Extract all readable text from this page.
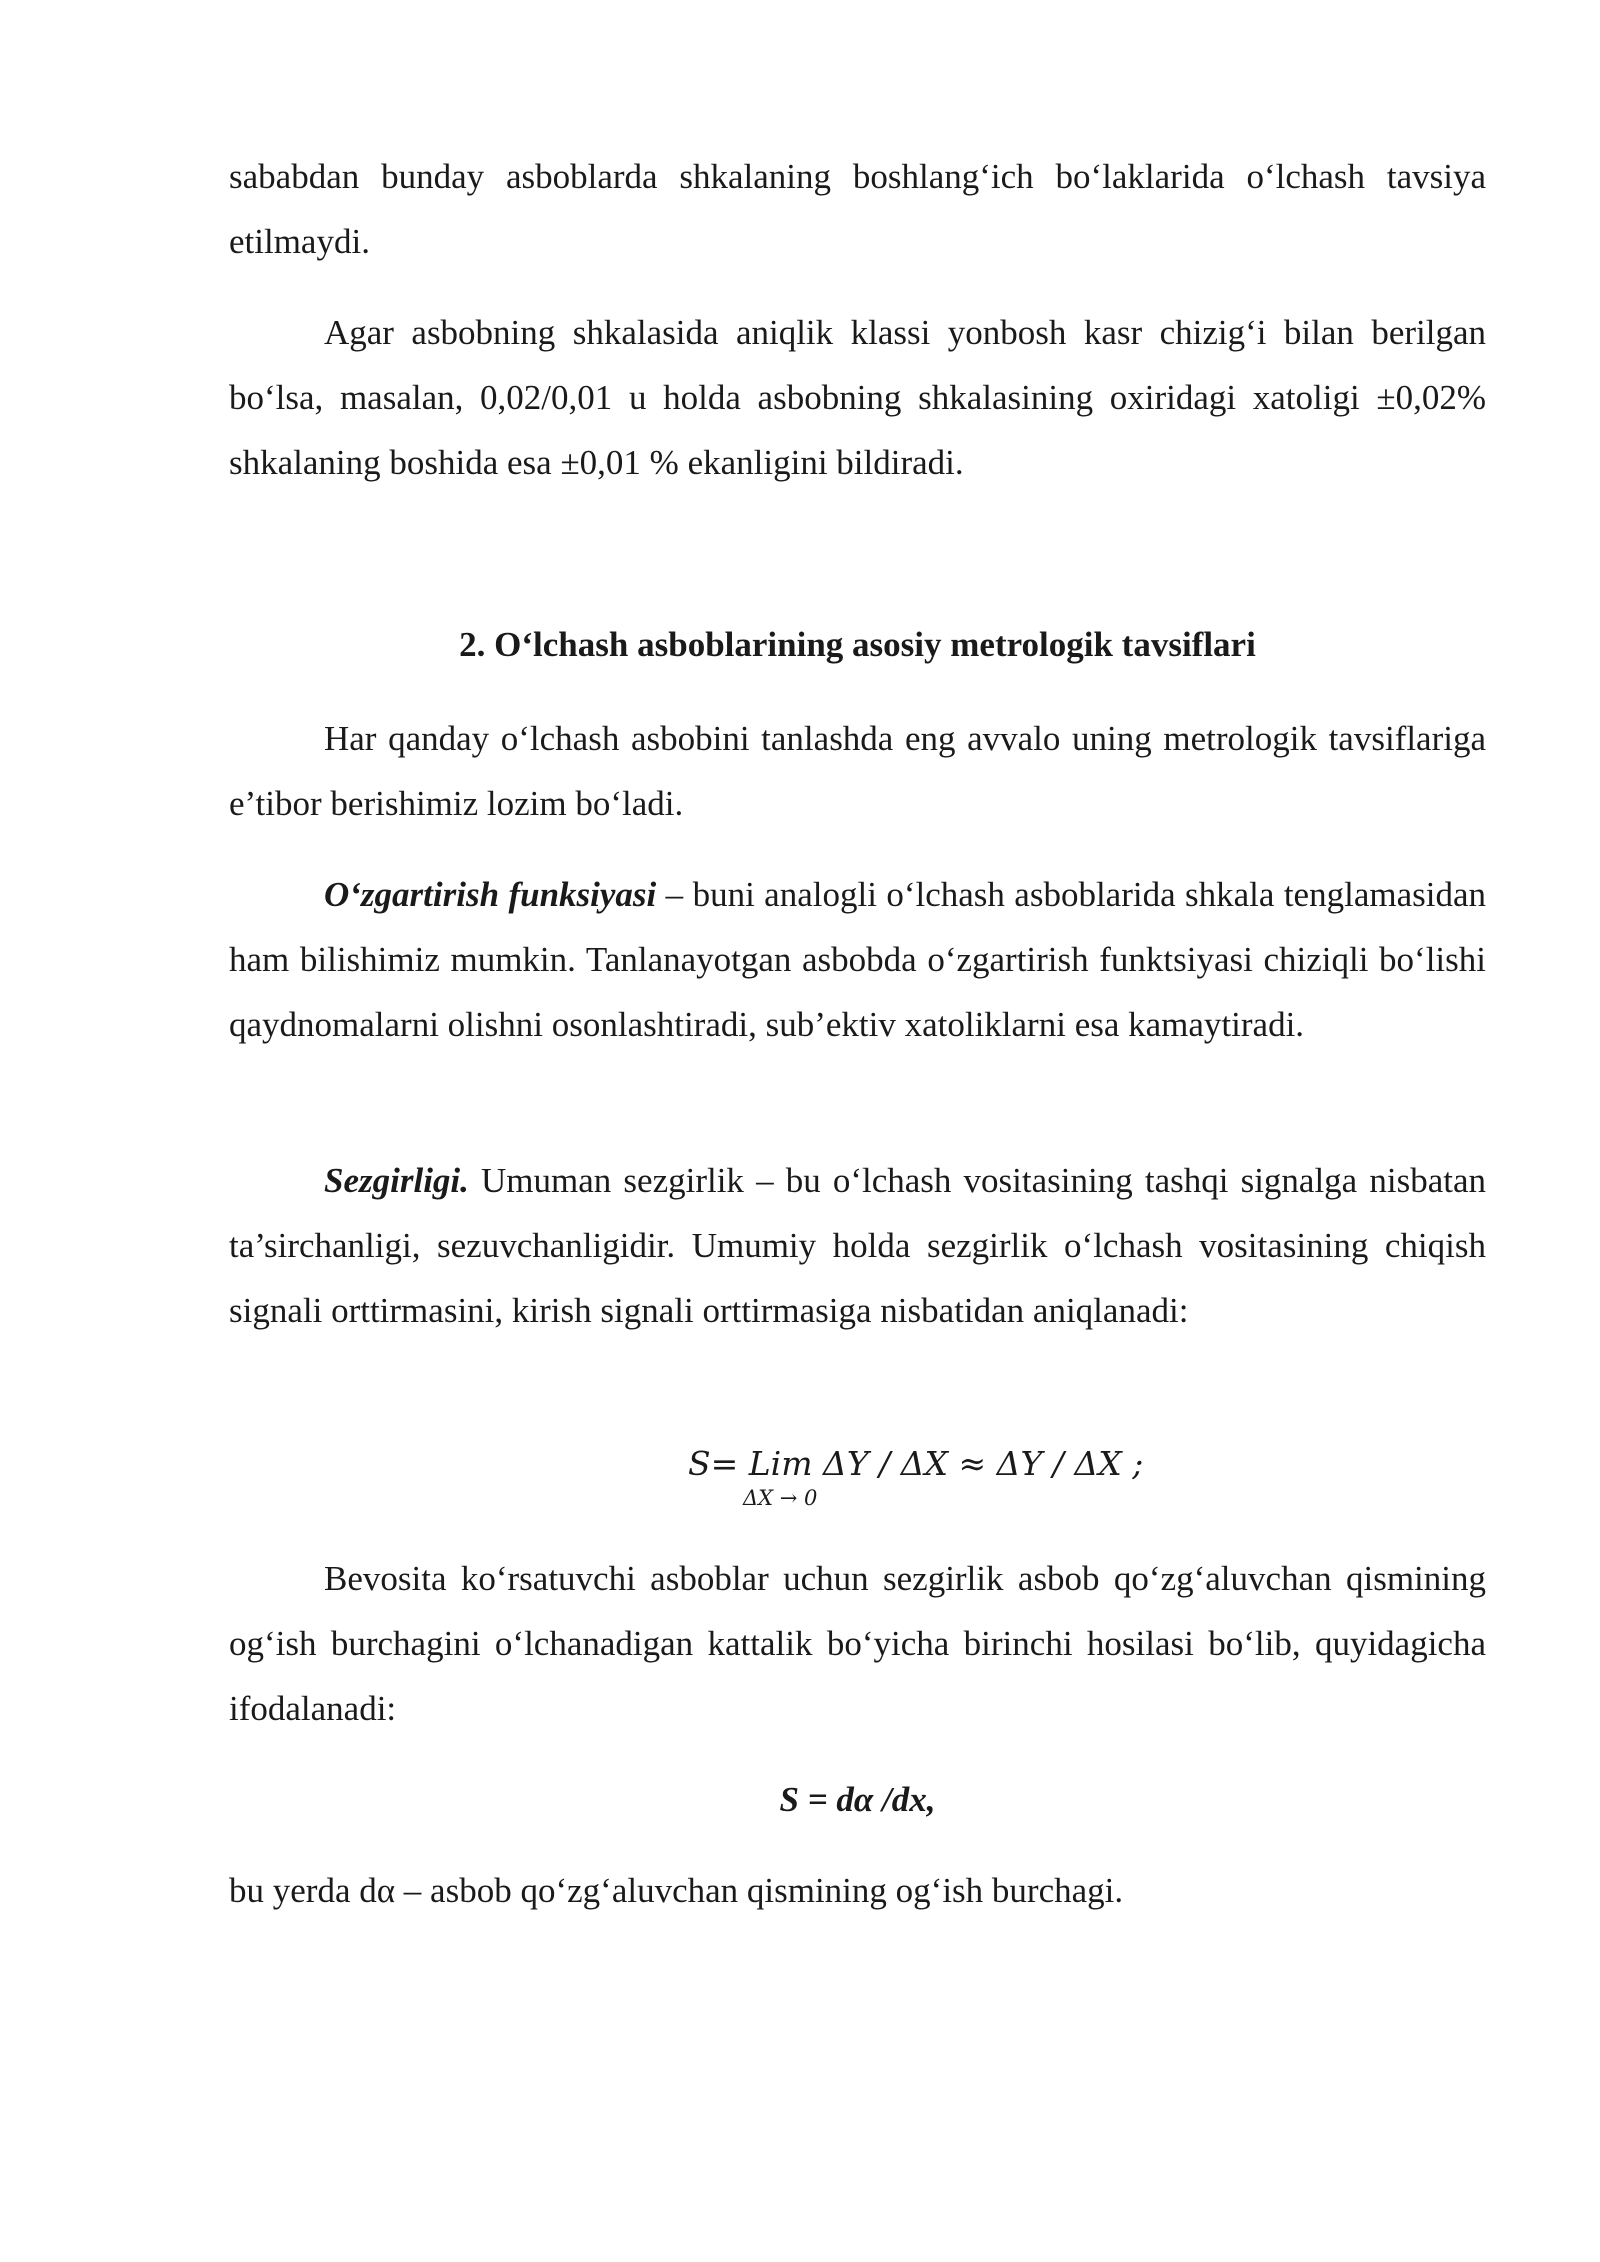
sababdan bunday asboblarda shkalaning boshlang‘ich bo‘laklarida o‘lchash tavsiya etilmaydi.

Agar asbobning shkalasida aniqlik klassi yonbosh kasr chizig‘i bilan berilgan bo‘lsa, masalan, 0,02/0,01 u holda asbobning shkalasining oxiridagi xatoligi ±0,02% shkalaning boshida esa ±0,01 % ekanligini bildiradi.

2. O‘lchash asboblarining asosiy metrologik tavsiflari

Har qanday o‘lchash asbobini tanlashda eng avvalo uning metrologik tavsiflariga e’tibor berishimiz lozim bo‘ladi.

O‘zgartirish funksiyasi – buni analogli o‘lchash asboblarida shkala tenglamasidan ham bilishimiz mumkin. Tanlanayotgan asbobda o‘zgartirish funktsiyasi chiziqli bo‘lishi qaydnomalarni olishni osonlashtiradi, sub’ektiv xatoliklarni esa kamaytiradi.

Sezgirligi. Umuman sezgirlik – bu o‘lchash vositasining tashqi signalga nisbatan ta’sirchanligi, sezuvchanligidir. Umumiy holda sezgirlik o‘lchash vositasining chiqish signali orttirmasini, kirish signali orttirmasiga nisbatidan aniqlanadi:

S= Lim ΔY / ΔX ≈ ΔY / ΔX ;
ΔX → 0

Bevosita ko‘rsatuvchi asboblar uchun sezgirlik asbob qo‘zg‘aluvchan qismining og‘ish burchagini o‘lchanadigan kattalik bo‘yicha birinchi hosilasi bo‘lib, quyidagicha ifodalanadi:

S = dα /dx,

bu yerda dα – asbob qo‘zg‘aluvchan qismining og‘ish burchagi.
